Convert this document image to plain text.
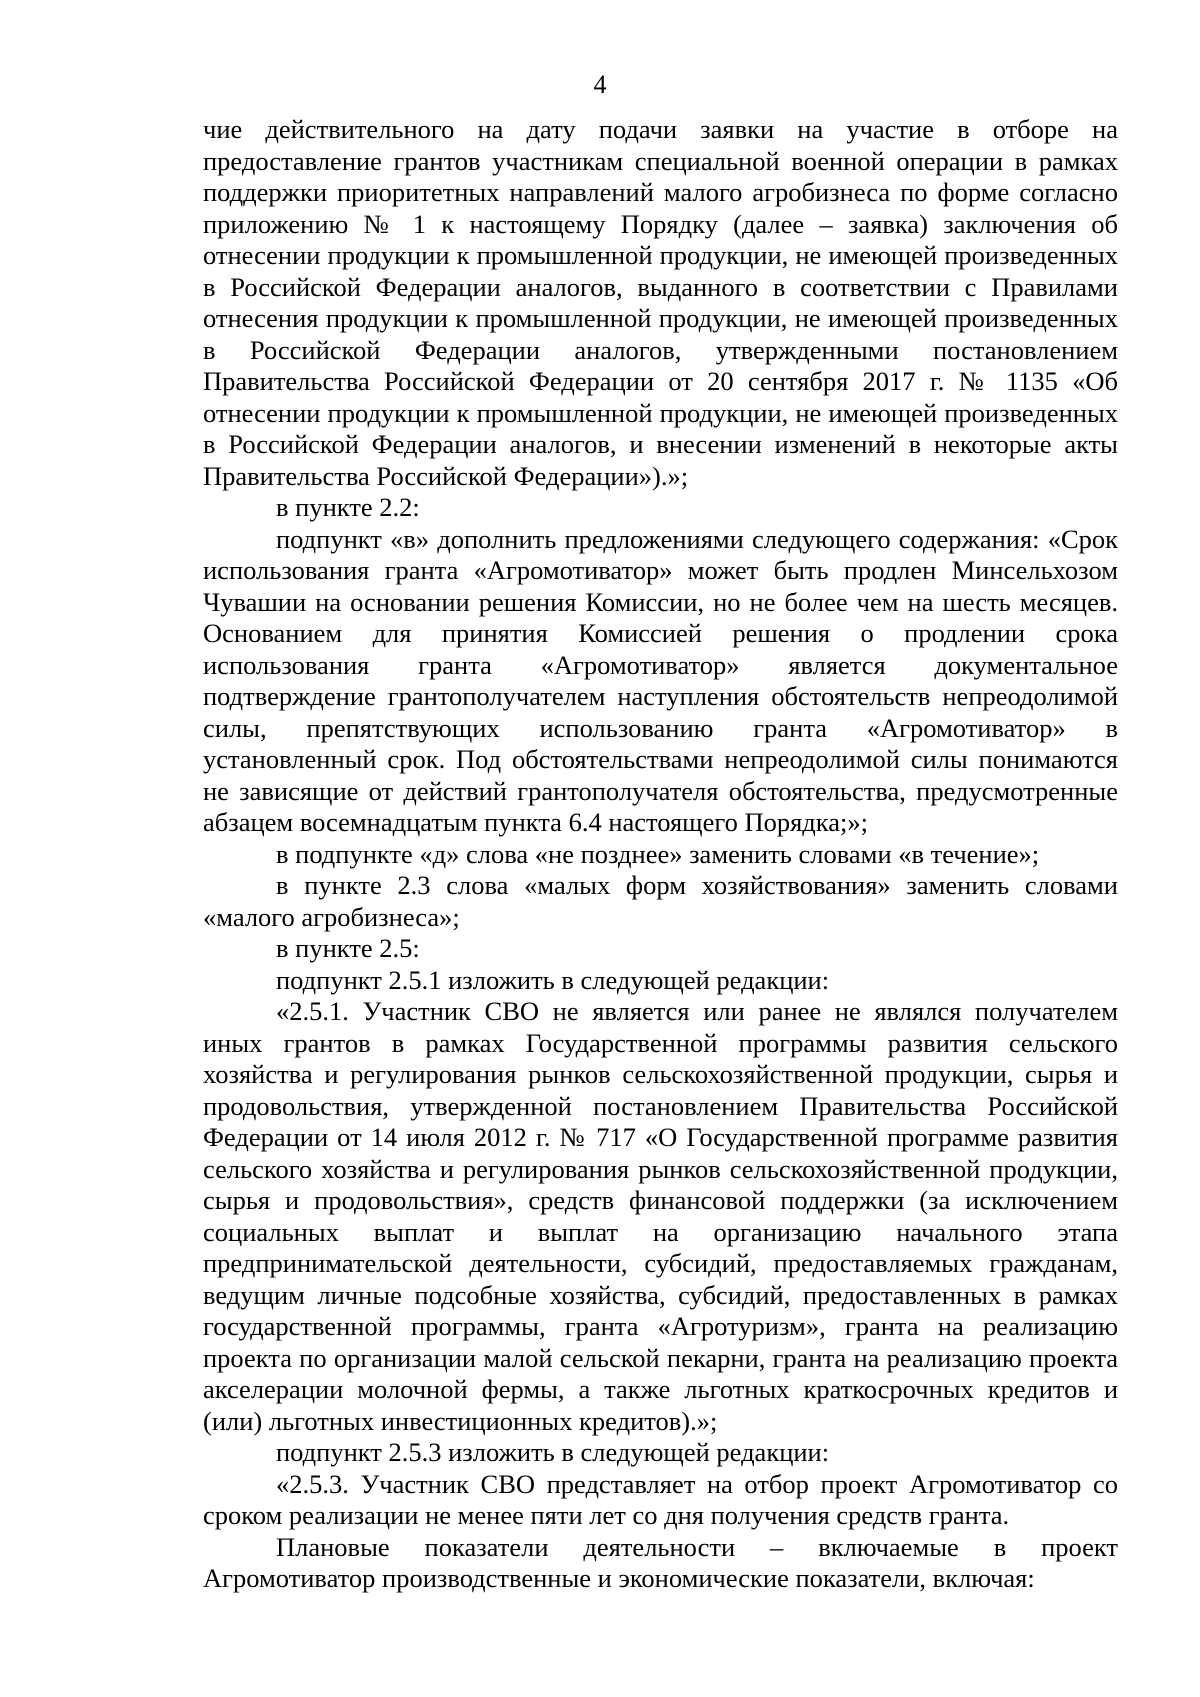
4

чие действительного на дату подачи заявки на участие в отборе на предоставление грантов участникам специальной военной операции в рамках поддержки приоритетных направлений малого агробизнеса по форме согласно приложению № 1 к настоящему Порядку (далее – заявка) заключения об отнесении продукции к промышленной продукции, не имеющей произведенных в Российской Федерации аналогов, выданного в соответствии с Правилами отнесения продукции к промышленной продукции, не имеющей произведенных в Российской Федерации аналогов, утвержденными постановлением Правительства Российской Федерации от 20 сентября 2017 г. № 1135 «Об отнесении продукции к промышленной продукции, не имеющей произведенных в Российской Федерации аналогов, и внесении изменений в некоторые акты Правительства Российской Федерации»).»;

в пункте 2.2:

подпункт «в» дополнить предложениями следующего содержания: «Срок использования гранта «Агромотиватор» может быть продлен Минсельхозом Чувашии на основании решения Комиссии, но не более чем на шесть месяцев. Основанием для принятия Комиссией решения о продлении срока использования гранта «Агромотиватор» является документальное подтверждение грантополучателем наступления обстоятельств непреодолимой силы, препятствующих использованию гранта «Агромотиватор» в установленный срок. Под обстоятельствами непреодолимой силы понимаются не зависящие от действий грантополучателя обстоятельства, предусмотренные абзацем восемнадцатым пункта 6.4 настоящего Порядка;»;

в подпункте «д» слова «не позднее» заменить словами «в течение»;

в пункте 2.3 слова «малых форм хозяйствования» заменить словами «малого агробизнеса»;

в пункте 2.5:

подпункт 2.5.1 изложить в следующей редакции:

«2.5.1. Участник СВО не является или ранее не являлся получателем иных грантов в рамках Государственной программы развития сельского хозяйства и регулирования рынков сельскохозяйственной продукции, сырья и продовольствия, утвержденной постановлением Правительства Российской Федерации от 14 июля 2012 г. № 717 «О Государственной программе развития сельского хозяйства и регулирования рынков сельскохозяйственной продукции, сырья и продовольствия», средств финансовой поддержки (за исключением социальных выплат и выплат на организацию начального этапа предпринимательской деятельности, субсидий, предоставляемых гражданам, ведущим личные подсобные хозяйства, субсидий, предоставленных в рамках государственной программы, гранта «Агротуризм», гранта на реализацию проекта по организации малой сельской пекарни, гранта на реализацию проекта акселерации молочной фермы, а также льготных краткосрочных кредитов и (или) льготных инвестиционных кредитов).»;

подпункт 2.5.3 изложить в следующей редакции:

«2.5.3. Участник СВО представляет на отбор проект Агромотиватор со сроком реализации не менее пяти лет со дня получения средств гранта.

Плановые показатели деятельности – включаемые в проект Агромотиватор производственные и экономические показатели, включая:
